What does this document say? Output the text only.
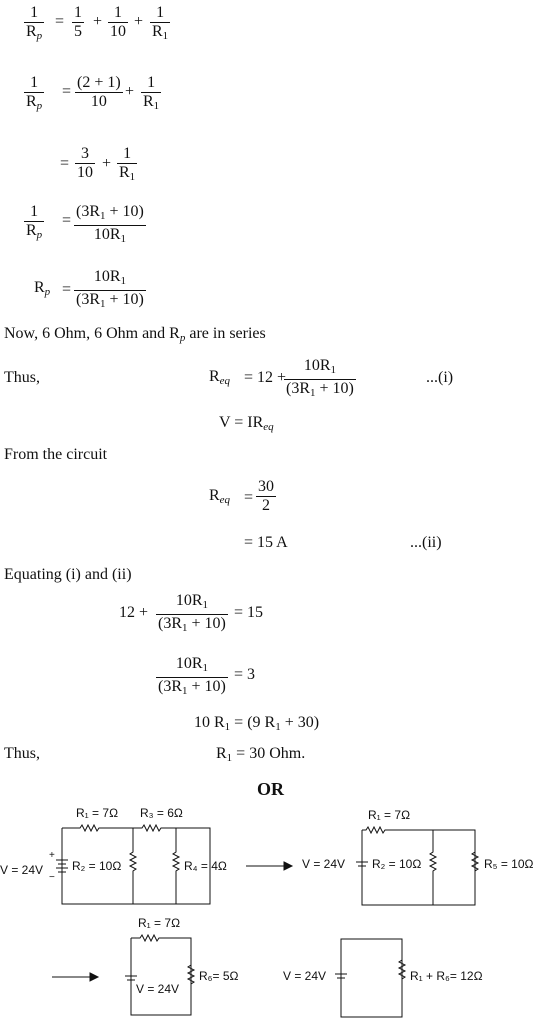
$\frac{1}{R_p} = \frac{1}{5} + \frac{1}{10} + \frac{1}{R_1}$
$\frac{1}{R_p} = \frac{(2 + 1)}{10} + \frac{1}{R_1}$
= $\frac{3}{10} + \frac{1}{R_1}$
$\frac{1}{R_p} = \frac{(3R_1 + 10)}{10R_1}$
$R_p = \frac{10R_1}{(3R_1 + 10)}$
Now, 6 Ohm, 6 Ohm and $R_p$ are in series
Thus,	$R_{eq} = 12$ +
$\frac{10R_1}{(3R_1 + 10)}$	...(i)
$V = IR_{eq}$
From the circuit
$R_{eq} = \frac{30}{2}$
= 15 A	...(ii)
Equating (i) and (ii)
$12 + \frac{10R_1}{(3R_1 + 10)} = 15$
$\frac{10R_1}{(3R_1 + 10)} = 3$
10 $R_1 = (9$ $R_1 + 30$)
Thus,	$R_1 = 30$ Ohm.
OR
R₁ = 7Ω R₃ = 6Ω
V = 24V
+
−
R₂ = 10Ω	R₄ = 4Ω
R₁ = 7Ω
V = 24V R₂ = 10Ω	R₅ = 10Ω
R₁ = 7Ω
V = 24V
R₆= 5Ω	V = 24V	R₁ + R₆= 12Ω
